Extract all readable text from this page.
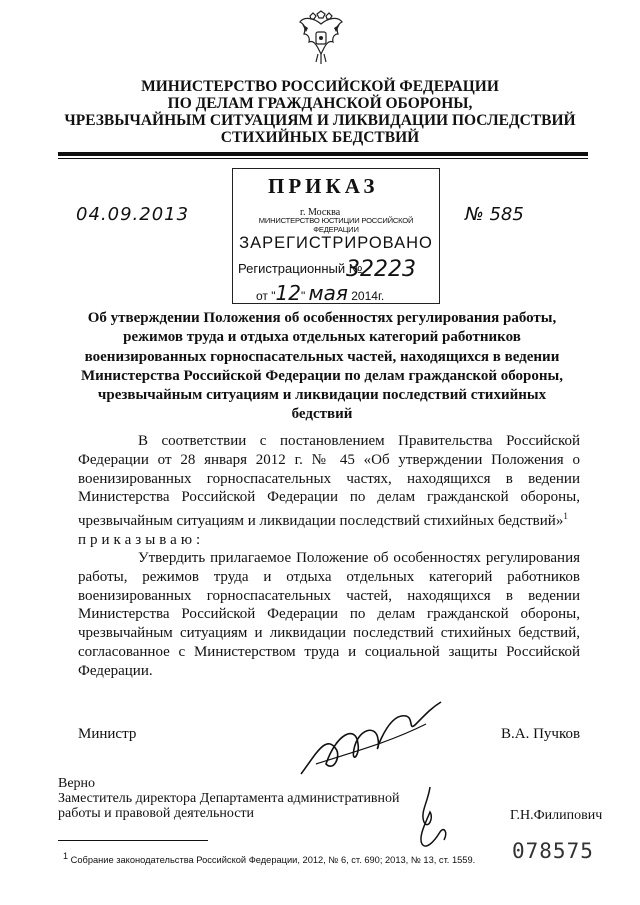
МИНИСТЕРСТВО РОССИЙСКОЙ ФЕДЕРАЦИИ
ПО ДЕЛАМ ГРАЖДАНСКОЙ ОБОРОНЫ,
ЧРЕЗВЫЧАЙНЫМ СИТУАЦИЯМ И ЛИКВИДАЦИИ ПОСЛЕДСТВИЙ
СТИХИЙНЫХ БЕДСТВИЙ
ПРИКАЗ
г. Москва
МИНИСТЕРСТВО ЮСТИЦИИ РОССИЙСКОЙ ФЕДЕРАЦИИ
ЗАРЕГИСТРИРОВАНО
Регистрационный №
32223
от "12" мая 2014г.
04.09.2013	№ 585
Об утверждении Положения об особенностях регулирования работы,
режимов труда и отдыха отдельных категорий работников
военизированных горноспасательных частей, находящихся в ведении
Министерства Российской Федерации по делам гражданской обороны,
чрезвычайным ситуациям и ликвидации последствий стихийных
бедствий

В соответствии с постановлением Правительства Российской Федерации от 28 января 2012 г. № 45 «Об утверждении Положения о военизированных горноспасательных частях, находящихся в ведении Министерства Российской Федерации по делам гражданской обороны, чрезвычайным ситуациям и ликвидации последствий стихийных бедствий»$^1$

приказываю:

Утвердить прилагаемое Положение об особенностях регулирования работы, режимов труда и отдыха отдельных категорий работников военизированных горноспасательных частей, находящихся в ведении Министерства Российской Федерации по делам гражданской обороны, чрезвычайным ситуациям и ликвидации последствий стихийных бедствий, согласованное с Министерством труда и социальной защиты Российской Федерации.

Министр	В.А. Пучков
Верно
Заместитель директора Департамента административной
работы и правовой деятельности	Г.Н.Филипович
1 Собрание законодательства Российской Федерации, 2012, № 6, ст. 690; 2013, № 13, ст. 1559. 078575
